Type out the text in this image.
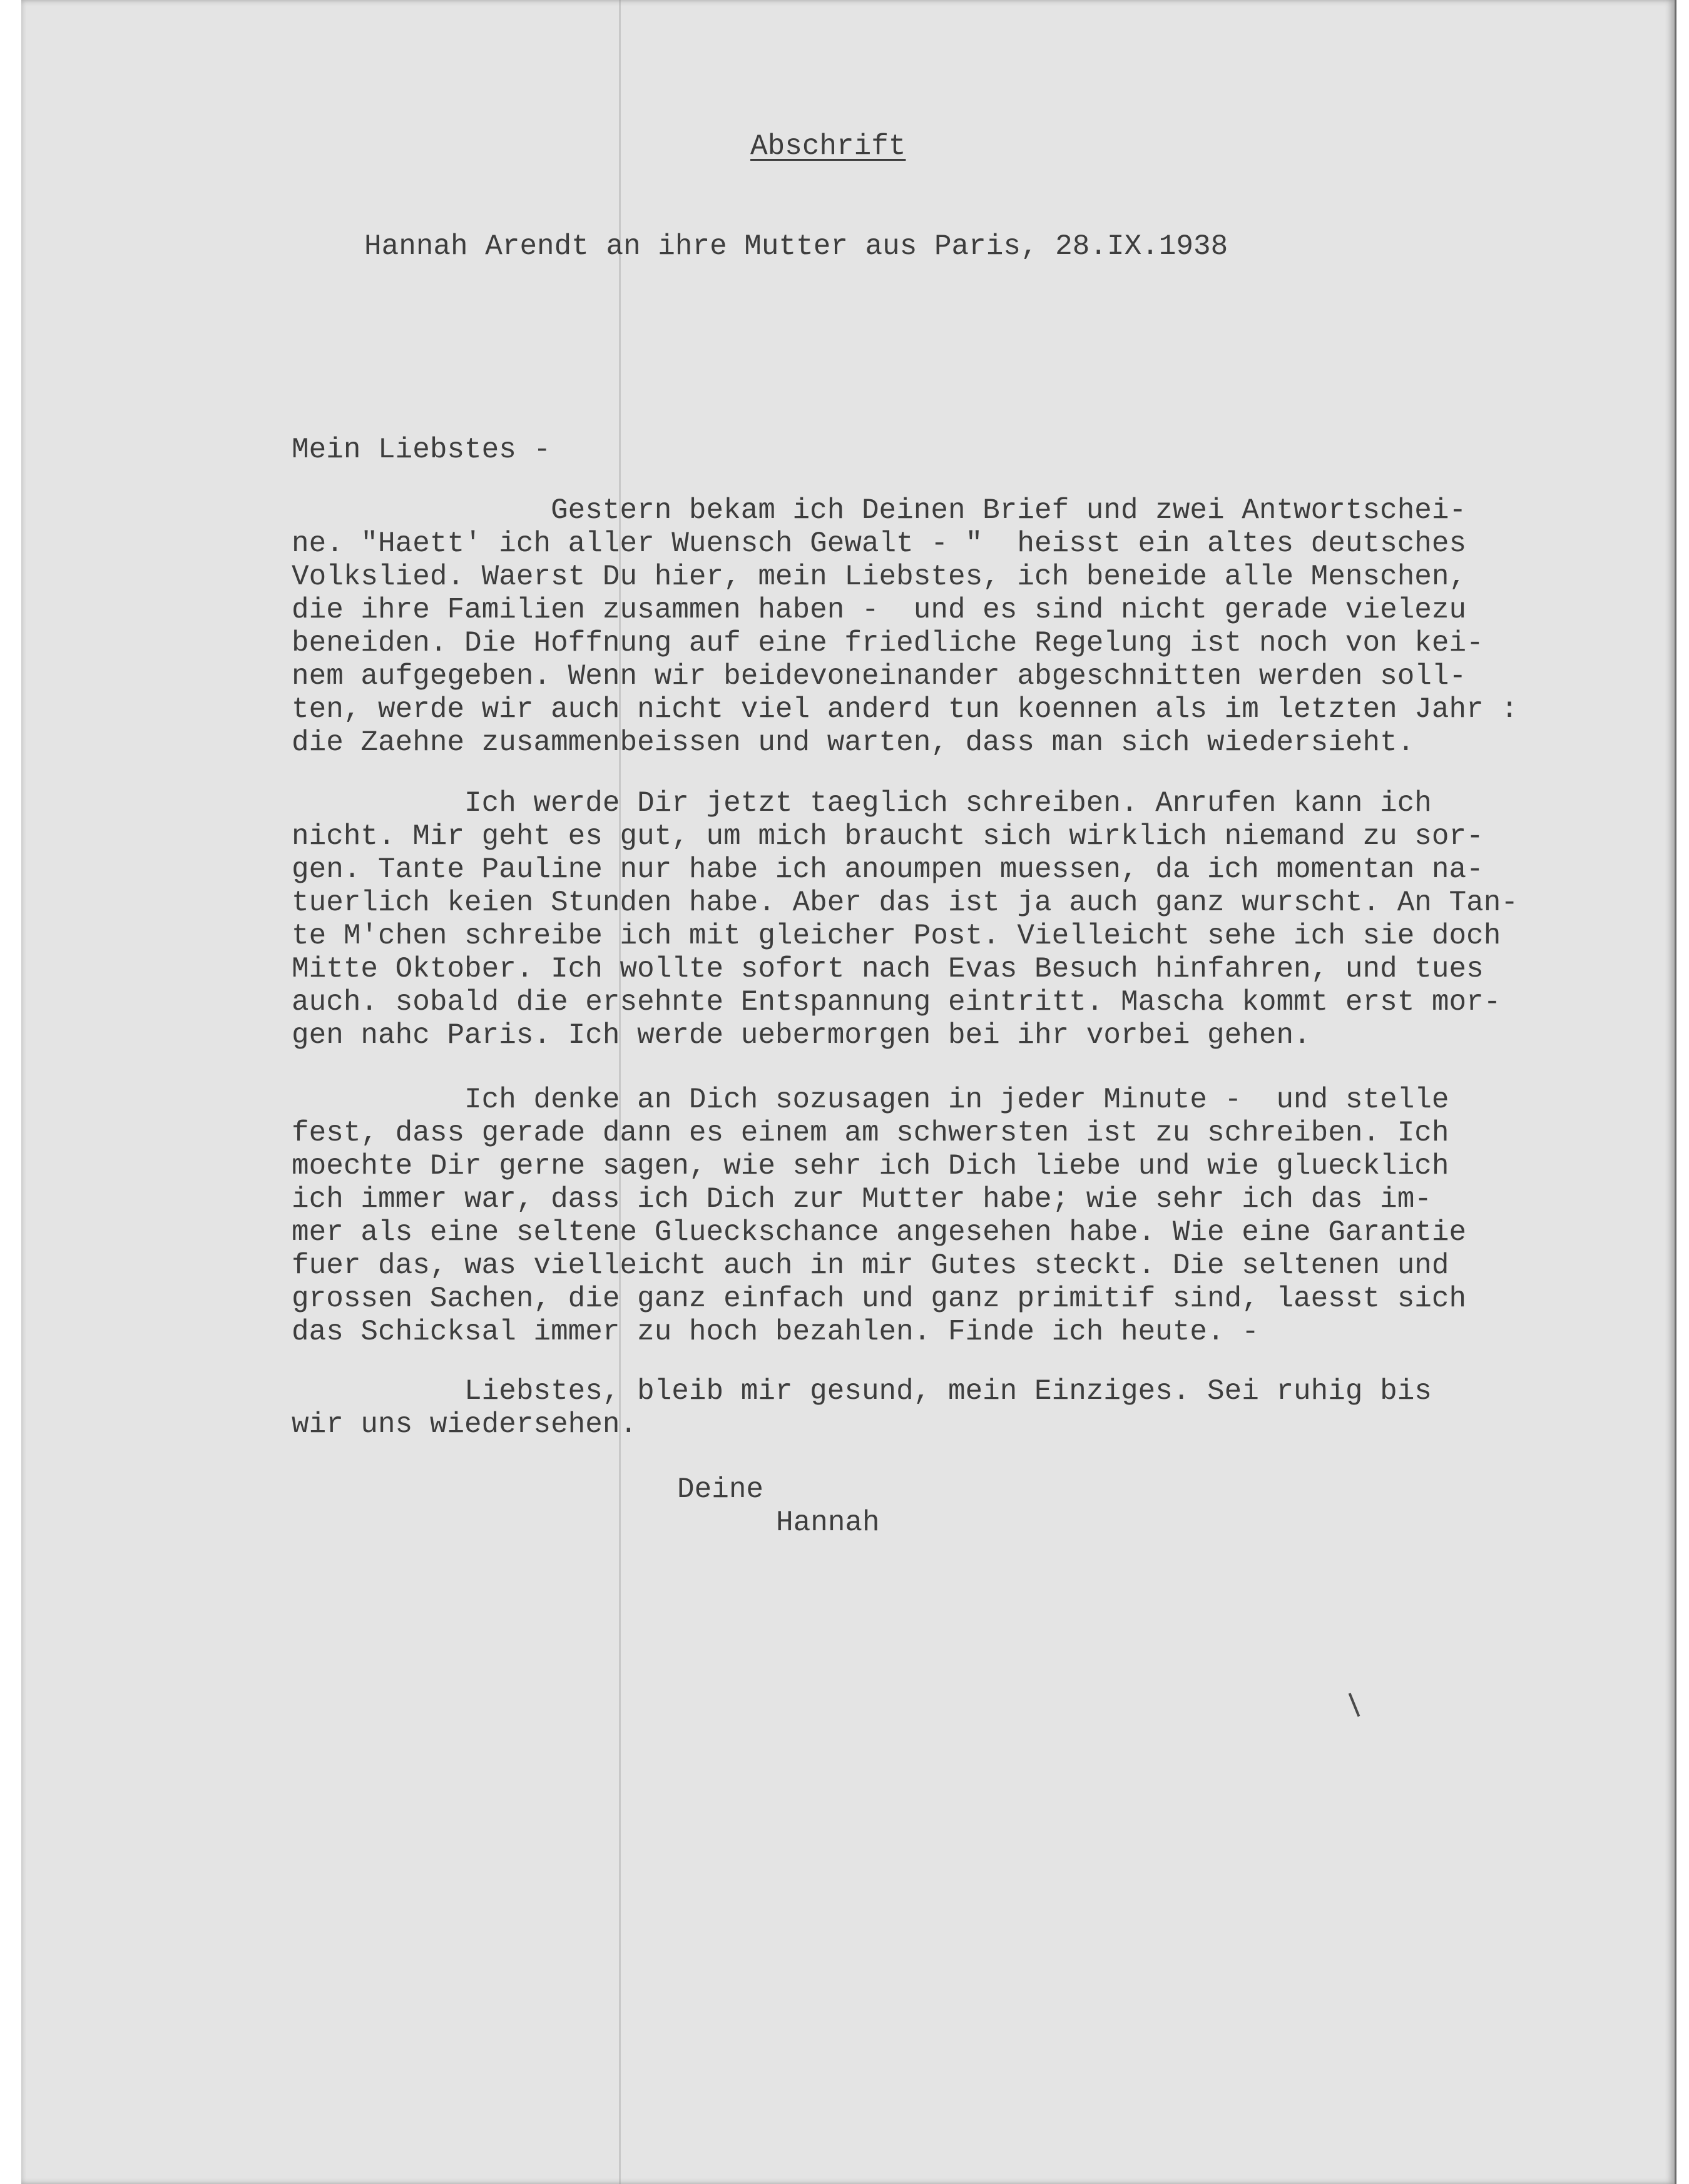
Abschrift

Hannah Arendt an ihre Mutter aus Paris, 28.IX.1938

Mein Liebstes -

Gestern bekam ich Deinen Brief und zwei Antwortschei-
ne. "Haett' ich aller Wuensch Gewalt - "  heisst ein altes deutsches
Volkslied. Waerst Du hier, mein Liebstes, ich beneide alle Menschen,
die ihre Familien zusammen haben -  und es sind nicht gerade vielezu
beneiden. Die Hoffnung auf eine friedliche Regelung ist noch von kei-
nem aufgegeben. Wenn wir beidevoneinander abgeschnitten werden soll-
ten, werde wir auch nicht viel anderd tun koennen als im letzten Jahr :
die Zaehne zusammenbeissen und warten, dass man sich wiedersieht.

Ich werde Dir jetzt taeglich schreiben. Anrufen kann ich
nicht. Mir geht es gut, um mich braucht sich wirklich niemand zu sor-
gen. Tante Pauline nur habe ich anoumpen muessen, da ich momentan na-
tuerlich keien Stunden habe. Aber das ist ja auch ganz wurscht. An Tan-
te M'chen schreibe ich mit gleicher Post. Vielleicht sehe ich sie doch
Mitte Oktober. Ich wollte sofort nach Evas Besuch hinfahren, und tues
auch. sobald die ersehnte Entspannung eintritt. Mascha kommt erst mor-
gen nahc Paris. Ich werde uebermorgen bei ihr vorbei gehen.

Ich denke an Dich sozusagen in jeder Minute -  und stelle
fest, dass gerade dann es einem am schwersten ist zu schreiben. Ich
moechte Dir gerne sagen, wie sehr ich Dich liebe und wie gluecklich
ich immer war, dass ich Dich zur Mutter habe; wie sehr ich das im-
mer als eine seltene Glueckschance angesehen habe. Wie eine Garantie
fuer das, was vielleicht auch in mir Gutes steckt. Die seltenen und
grossen Sachen, die ganz einfach und ganz primitif sind, laesst sich
das Schicksal immer zu hoch bezahlen. Finde ich heute. -

Liebstes, bleib mir gesund, mein Einziges. Sei ruhig bis
wir uns wiedersehen.

Deine

Hannah
